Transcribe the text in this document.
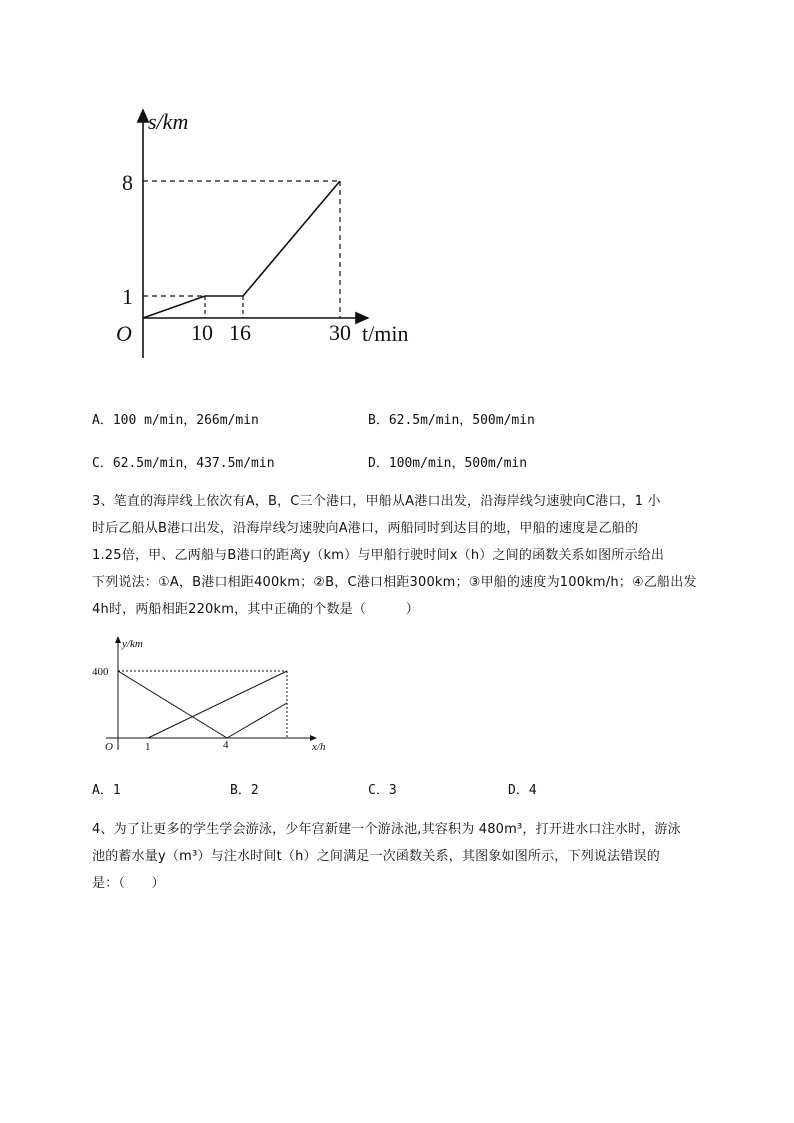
s/km
t/min
O
8
1
10 16	30
A．100 m/min，266m/min	B．62.5m/min，500m/min
C．62.5m/min，437.5m/min	D．100m/min，500m/min

3、笔直的海岸线上依次有A，B，C三个港口，甲船从A港口出发，沿海岸线匀速驶向C港口，1 小

时后乙船从B港口出发，沿海岸线匀速驶向A港口，两船同时到达目的地，甲船的速度是乙船的

1.25倍，甲、乙两船与B港口的距离y（km）与甲船行驶时间x（h）之间的函数关系如图所示给出

下列说法：①A，B港口相距400km；②B，C港口相距300km；③甲船的速度为100km/h；④乙船出发

4h时，两船相距220km，其中正确的个数是（　　　）

y/km
x/h
O
400
1	4
A．1	B．2	C．3	D．4

4、为了让更多的学生学会游泳，少年宫新建一个游泳池,其容积为 480m³，打开进水口注水时，游泳

池的蓄水量y（m³）与注水时间t（h）之间满足一次函数关系，其图象如图所示，下列说法错误的

是：（　　）
